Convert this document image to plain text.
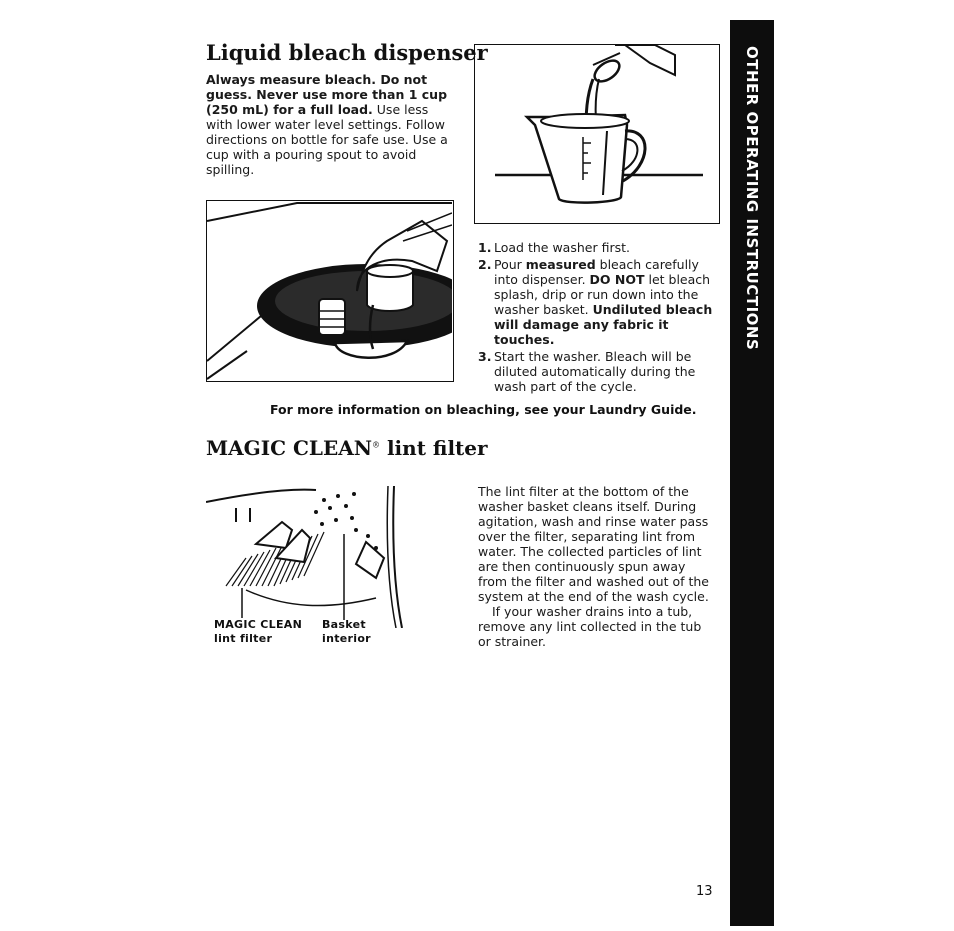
OTHER OPERATING INSTRUCTIONS
Liquid bleach dispenser
Always measure bleach. Do not guess. Never use more than 1 cup (250 mL) for a full load. Use less with lower water level settings. Follow directions on bottle for safe use. Use a cup with a pouring spout to avoid spilling.
1. Load the washer first.
2. Pour measured bleach carefully into dispenser. DO NOT let bleach splash, drip or run down into the washer basket. Undiluted bleach will damage any fabric it touches.
3. Start the washer. Bleach will be diluted automatically during the wash part of the cycle.
For more information on bleaching, see your Laundry Guide.
MAGIC CLEAN® lint filter
MAGIC CLEAN lint filter
Basket interior
The lint filter at the bottom of the washer basket cleans itself. During agitation, wash and rinse water pass over the filter, separating lint from water. The collected particles of lint are then continuously spun away from the filter and washed out of the system at the end of the wash cycle.
If your washer drains into a tub, remove any lint collected in the tub or strainer.
13
